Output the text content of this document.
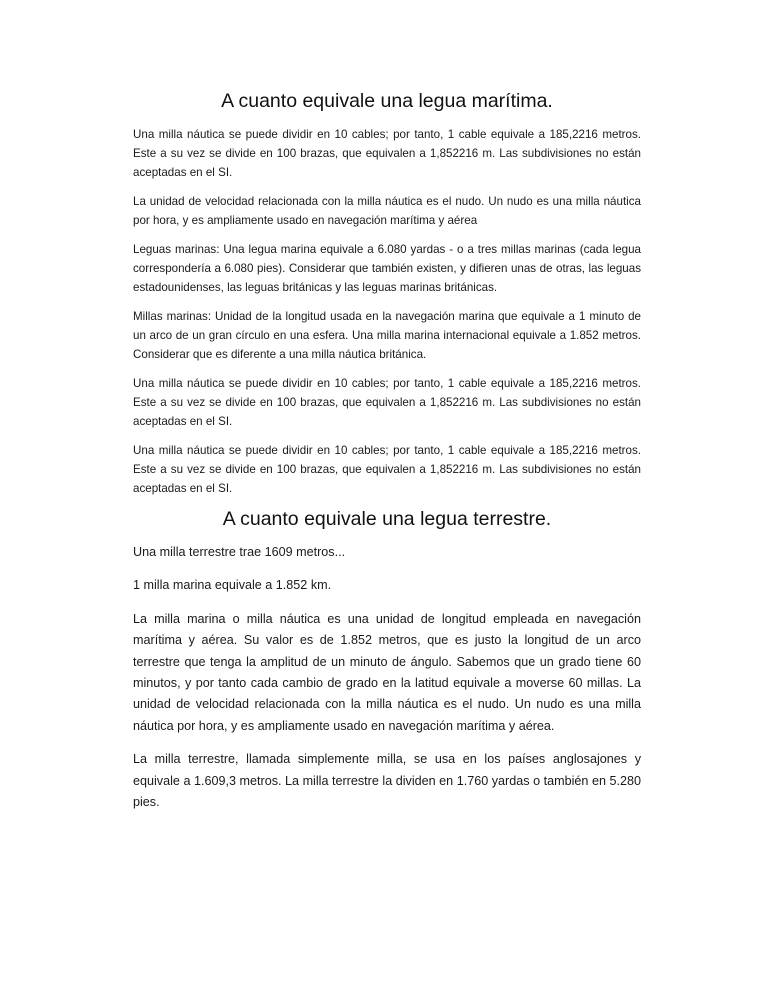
A cuanto equivale una legua marítima.

Una milla náutica se puede dividir en 10 cables; por tanto, 1 cable equivale a 185,2216 metros. Este a su vez se divide en 100 brazas, que equivalen a 1,852216 m. Las subdivisiones no están aceptadas en el SI.

La unidad de velocidad relacionada con la milla náutica es el nudo. Un nudo es una milla náutica por hora, y es ampliamente usado en navegación marítima y aérea

Leguas marinas: Una legua marina equivale a 6.080 yardas - o a tres millas marinas (cada legua correspondería a 6.080 pies). Considerar que también existen, y difieren unas de otras, las leguas estadounidenses, las leguas británicas y las leguas marinas británicas.

Millas marinas: Unidad de la longitud usada en la navegación marina que equivale a 1 minuto de un arco de un gran círculo en una esfera. Una milla marina internacional equivale a 1.852 metros. Considerar que es diferente a una milla náutica británica.

Una milla náutica se puede dividir en 10 cables; por tanto, 1 cable equivale a 185,2216 metros. Este a su vez se divide en 100 brazas, que equivalen a 1,852216 m. Las subdivisiones no están aceptadas en el SI.

Una milla náutica se puede dividir en 10 cables; por tanto, 1 cable equivale a 185,2216 metros. Este a su vez se divide en 100 brazas, que equivalen a 1,852216 m. Las subdivisiones no están aceptadas en el SI.

A cuanto equivale una legua terrestre.

Una milla terrestre trae 1609 metros...

1 milla marina equivale a 1.852 km.

La milla marina o milla náutica es una unidad de longitud empleada en navegación marítima y aérea. Su valor es de 1.852 metros, que es justo la longitud de un arco terrestre que tenga la amplitud de un minuto de ángulo. Sabemos que un grado tiene 60 minutos, y por tanto cada cambio de grado en la latitud equivale a moverse 60 millas. La unidad de velocidad relacionada con la milla náutica es el nudo. Un nudo es una milla náutica por hora, y es ampliamente usado en navegación marítima y aérea.

La milla terrestre, llamada simplemente milla, se usa en los países anglosajones y equivale a 1.609,3 metros. La milla terrestre la dividen en 1.760 yardas o también en 5.280 pies.
